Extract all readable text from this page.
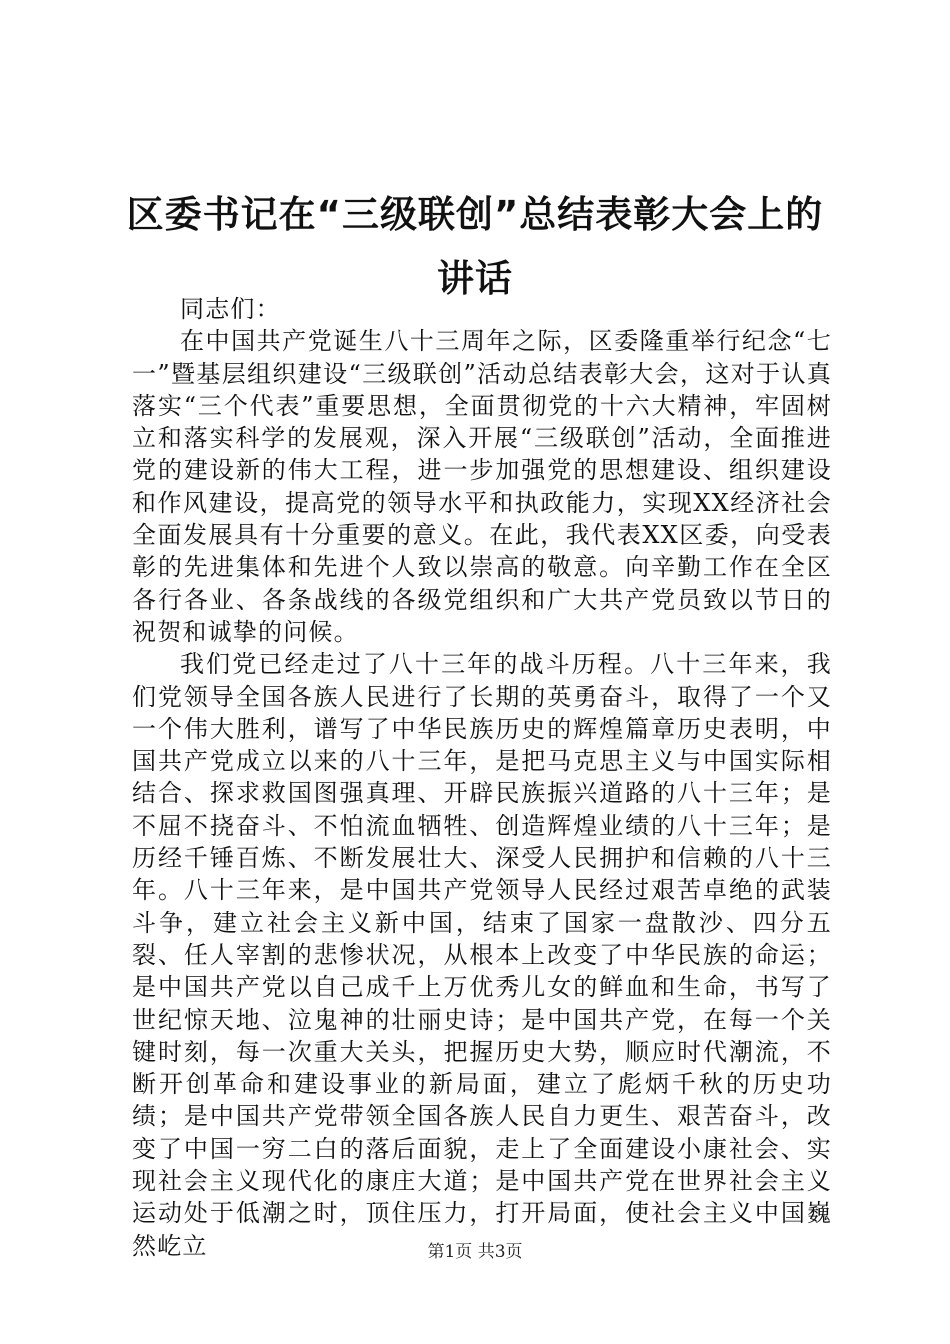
区委书记在“三级联创”总结表彰大会上的讲话

同志们：

在中国共产党诞生八十三周年之际，区委隆重举行纪念“七一”暨基层组织建设“三级联创”活动总结表彰大会，这对于认真落实“三个代表”重要思想，全面贯彻党的十六大精神，牢固树立和落实科学的发展观，深入开展“三级联创”活动，全面推进党的建设新的伟大工程，进一步加强党的思想建设、组织建设和作风建设，提高党的领导水平和执政能力，实现XX经济社会全面发展具有十分重要的意义。在此，我代表XX区委，向受表彰的先进集体和先进个人致以崇高的敬意。向辛勤工作在全区各行各业、各条战线的各级党组织和广大共产党员致以节日的祝贺和诚挚的问候。

我们党已经走过了八十三年的战斗历程。八十三年来，我们党领导全国各族人民进行了长期的英勇奋斗，取得了一个又一个伟大胜利，谱写了中华民族历史的辉煌篇章历史表明，中国共产党成立以来的八十三年，是把马克思主义与中国实际相结合、探求救国图强真理、开辟民族振兴道路的八十三年；是不屈不挠奋斗、不怕流血牺牲、创造辉煌业绩的八十三年；是历经千锤百炼、不断发展壮大、深受人民拥护和信赖的八十三年。八十三年来，是中国共产党领导人民经过艰苦卓绝的武装斗争，建立社会主义新中国，结束了国家一盘散沙、四分五裂、任人宰割的悲惨状况，从根本上改变了中华民族的命运；是中国共产党以自己成千上万优秀儿女的鲜血和生命，书写了世纪惊天地、泣鬼神的壮丽史诗；是中国共产党，在每一个关键时刻，每一次重大关头，把握历史大势，顺应时代潮流，不断开创革命和建设事业的新局面，建立了彪炳千秋的历史功绩；是中国共产党带领全国各族人民自力更生、艰苦奋斗，改变了中国一穷二白的落后面貌，走上了全面建设小康社会、实现社会主义现代化的康庄大道；是中国共产党在世界社会主义运动处于低潮之时，顶住压力，打开局面，使社会主义中国巍然屹立	第1页 共3页
